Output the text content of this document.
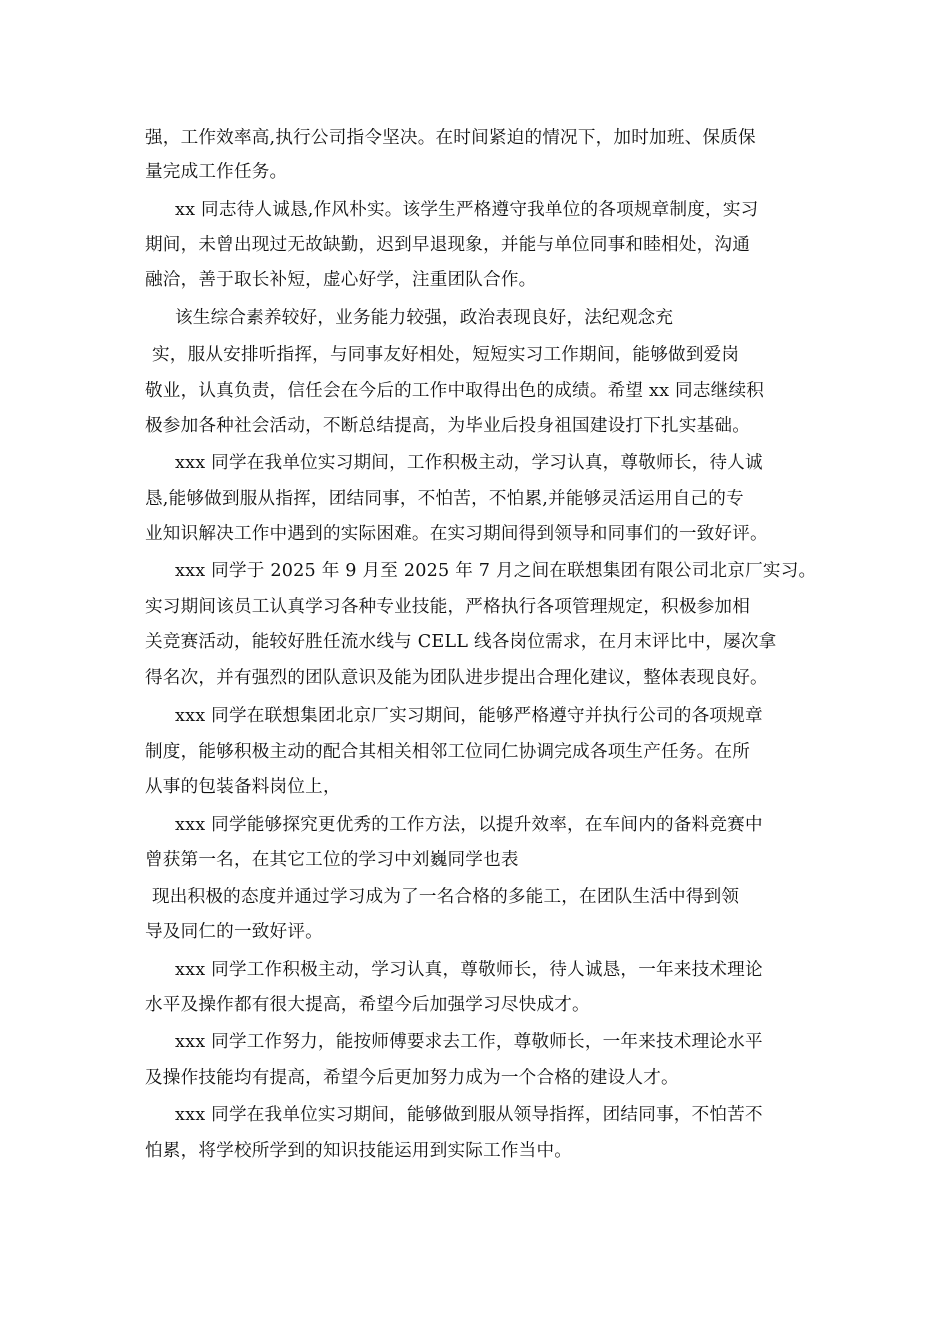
强，工作效率高,执行公司指令坚决。在时间紧迫的情况下，加时加班、保质保
量完成工作任务。
xx 同志待人诚恳,作风朴实。该学生严格遵守我单位的各项规章制度，实习
期间，未曾出现过无故缺勤，迟到早退现象，并能与单位同事和睦相处，沟通
融洽，善于取长补短，虚心好学，注重团队合作。
该生综合素养较好，业务能力较强，政治表现良好，法纪观念充
实，服从安排听指挥，与同事友好相处，短短实习工作期间，能够做到爱岗
敬业，认真负责，信任会在今后的工作中取得出色的成绩。希望 xx 同志继续积
极参加各种社会活动，不断总结提高，为毕业后投身祖国建设打下扎实基础。
xxx 同学在我单位实习期间，工作积极主动，学习认真，尊敬师长，待人诚
恳,能够做到服从指挥，团结同事，不怕苦，不怕累,并能够灵活运用自己的专
业知识解决工作中遇到的实际困难。在实习期间得到领导和同事们的一致好评。
xxx 同学于 2025 年 9 月至 2025 年 7 月之间在联想集团有限公司北京厂实习。
实习期间该员工认真学习各种专业技能，严格执行各项管理规定，积极参加相
关竞赛活动，能较好胜任流水线与 CELL 线各岗位需求，在月末评比中，屡次拿
得名次，并有强烈的团队意识及能为团队进步提出合理化建议，整体表现良好。
xxx 同学在联想集团北京厂实习期间，能够严格遵守并执行公司的各项规章
制度，能够积极主动的配合其相关相邻工位同仁协调完成各项生产任务。在所
从事的包装备料岗位上，
xxx 同学能够探究更优秀的工作方法，以提升效率，在车间内的备料竞赛中
曾获第一名，在其它工位的学习中刘巍同学也表
现出积极的态度并通过学习成为了一名合格的多能工，在团队生活中得到领
导及同仁的一致好评。
xxx 同学工作积极主动，学习认真，尊敬师长，待人诚恳，一年来技术理论
水平及操作都有很大提高，希望今后加强学习尽快成才。
xxx 同学工作努力，能按师傅要求去工作，尊敬师长，一年来技术理论水平
及操作技能均有提高，希望今后更加努力成为一个合格的建设人才。
xxx 同学在我单位实习期间，能够做到服从领导指挥，团结同事，不怕苦不
怕累，将学校所学到的知识技能运用到实际工作当中。
